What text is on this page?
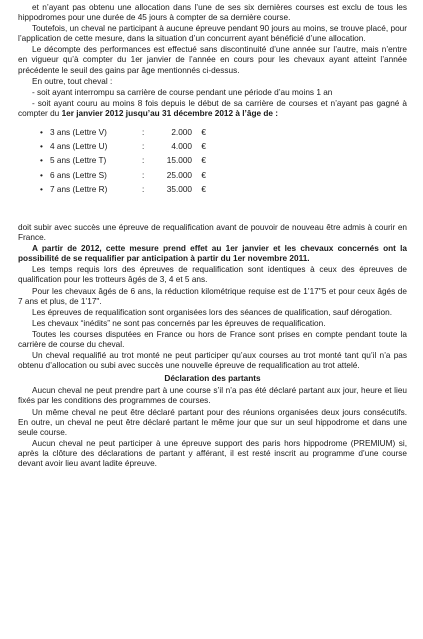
et n’ayant pas obtenu une allocation dans l’une de ses six dernières courses est exclu de tous les hippodromes pour une durée de 45 jours à compter de sa dernière course.

Toutefois, un cheval ne participant à aucune épreuve pendant 90 jours au moins, se trouve placé, pour l’application de cette mesure, dans la situation d’un concurrent ayant bénéficié d’une allocation.

Le décompte des performances est effectué sans discontinuité d’une année sur l’autre, mais n’entre en vigueur qu’à compter du 1er janvier de l’année en cours pour les chevaux ayant atteint l’année précédente le seuil des gains par âge mentionnés ci-dessus.

En outre, tout cheval :

- soit ayant interrompu sa carrière de course pendant une période d’au moins 1 an

- soit ayant couru au moins 8 fois depuis le début de sa carrière de courses et n’ayant pas gagné à compter du 1er janvier 2012 jusqu’au 31 décembre 2012 à l’âge de :

• 3 ans (Lettre V)	:	2.000	€
• 4 ans (Lettre U)	:	4.000	€
• 5 ans (Lettre T)	:	15.000	€
• 6 ans (Lettre S)	:	25.000	€
• 7 ans (Lettre R)	:	35.000	€

doit subir avec succès une épreuve de requalification avant de pouvoir de nouveau être admis à courir en France.

A partir de 2012, cette mesure prend effet au 1er janvier et les chevaux concernés ont la possibilité de se requalifier par anticipation à partir du 1er novembre 2011.

Les temps requis lors des épreuves de requalification sont identiques à ceux des épreuves de qualification pour les trotteurs âgés de 3, 4 et 5 ans.

Pour les chevaux âgés de 6 ans, la réduction kilométrique requise est de 1’17"5 et pour ceux âgés de 7 ans et plus, de 1’17".

Les épreuves de requalification sont organisées lors des séances de qualification, sauf dérogation.

Les chevaux “inédits” ne sont pas concernés par les épreuves de requalification.

Toutes les courses disputées en France ou hors de France sont prises en compte pendant toute la carrière de course du cheval.

Un cheval requalifié au trot monté ne peut participer qu’aux courses au trot monté tant qu’il n’a pas obtenu d’allocation ou subi avec succès une nouvelle épreuve de requalification au trot attelé.

Déclaration des partants

Aucun cheval ne peut prendre part à une course s’il n’a pas été déclaré partant aux jour, heure et lieu fixés par les conditions des programmes de courses.

Un même cheval ne peut être déclaré partant pour des réunions organisées deux jours consécutifs. En outre, un cheval ne peut être déclaré partant le même jour que sur un seul hippodrome et dans une seule course.

Aucun cheval ne peut participer à une épreuve support des paris hors hippodrome (PREMIUM) si, après la clôture des déclarations de partant y afférant, il est resté inscrit au programme d’une course devant avoir lieu avant ladite épreuve.
